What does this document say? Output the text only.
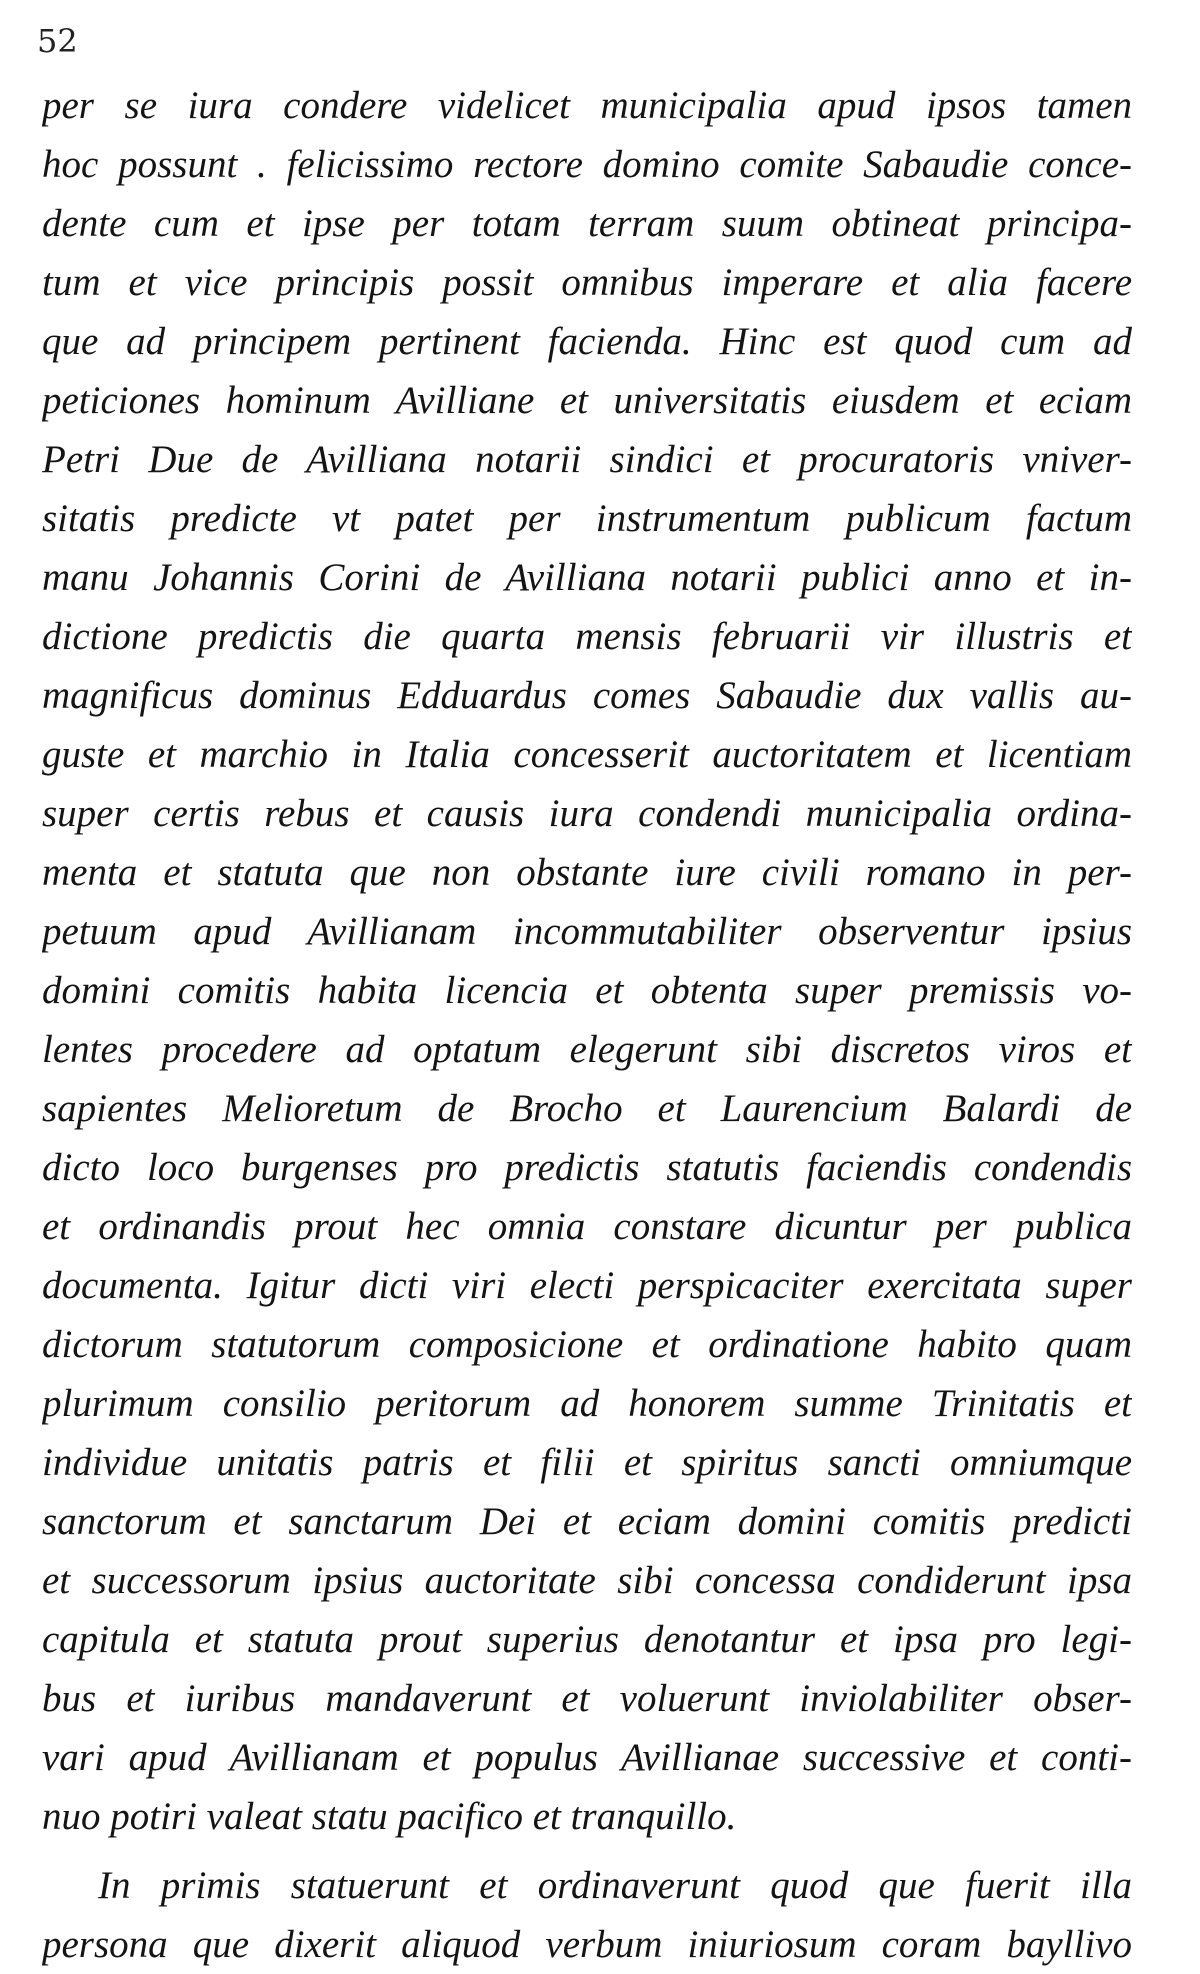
52

per se iura condere videlicet municipalia apud ipsos tamen
hoc possunt . felicissimo rectore domino comite Sabaudie conce-
dente cum et ipse per totam terram suum obtineat principa-
tum et vice principis possit omnibus imperare et alia facere
que ad principem pertinent facienda. Hinc est quod cum ad
peticiones hominum Avilliane et universitatis eiusdem et eciam
Petri Due de Avilliana notarii sindici et procuratoris vniver-
sitatis predicte vt patet per instrumentum publicum factum
manu Johannis Corini de Avilliana notarii publici anno et in-
dictione predictis die quarta mensis februarii vir illustris et
magnificus dominus Edduardus comes Sabaudie dux vallis au-
guste et marchio in Italia concesserit auctoritatem et licentiam
super certis rebus et causis iura condendi municipalia ordina-
menta et statuta que non obstante iure civili romano in per-
petuum apud Avillianam incommutabiliter observentur ipsius
domini comitis habita licencia et obtenta super premissis vo-
lentes procedere ad optatum elegerunt sibi discretos viros et
sapientes Melioretum de Brocho et Laurencium Balardi de
dicto loco burgenses pro predictis statutis faciendis condendis
et ordinandis prout hec omnia constare dicuntur per publica
documenta. Igitur dicti viri electi perspicaciter exercitata super
dictorum statutorum composicione et ordinatione habito quam
plurimum consilio peritorum ad honorem summe Trinitatis et
individue unitatis patris et filii et spiritus sancti omniumque
sanctorum et sanctarum Dei et eciam domini comitis predicti
et successorum ipsius auctoritate sibi concessa condiderunt ipsa
capitula et statuta prout superius denotantur et ipsa pro legi-
bus et iuribus mandaverunt et voluerunt inviolabiliter obser-
vari apud Avillianam et populus Avillianae successive et conti-
nuo potiri valeat statu pacifico et tranquillo.
In primis statuerunt et ordinaverunt quod que fuerit illa
persona que dixerit aliquod verbum iniuriosum coram bayllivo
